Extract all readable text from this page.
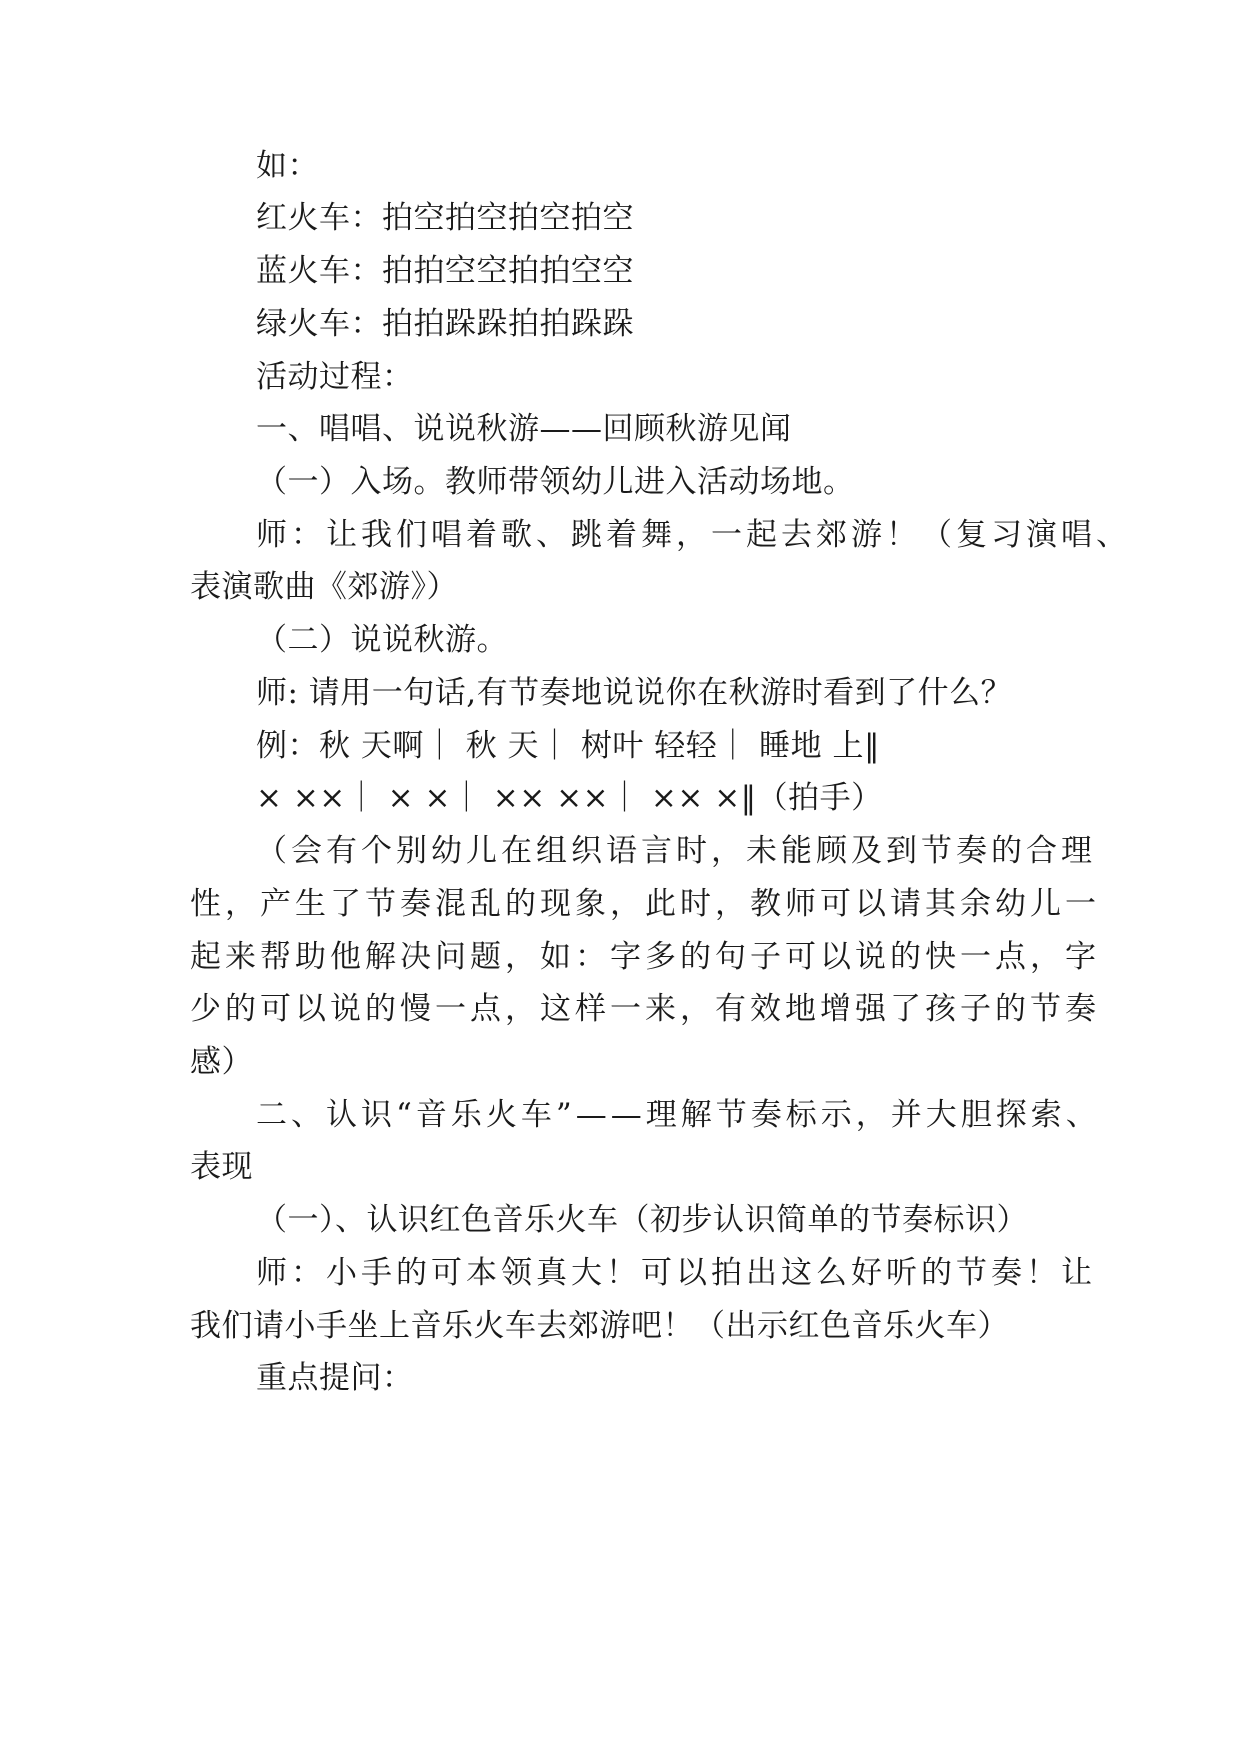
如：
红火车：拍空拍空拍空拍空
蓝火车：拍拍空空拍拍空空
绿火车：拍拍跺跺拍拍跺跺
活动过程：
一、唱唱、说说秋游——回顾秋游见闻
（一）入场。教师带领幼儿进入活动场地。
师：让我们唱着歌、跳着舞，一起去郊游！（复习演唱、
表演歌曲《郊游》）
（二）说说秋游。
师: 请用一句话,有节奏地说说你在秋游时看到了什么？
例：秋 天啊｜ 秋 天｜ 树叶 轻轻｜ 睡地 上‖
× ××｜ × ×｜ ×× ××｜ ×× ×‖（拍手）
（会有个别幼儿在组织语言时，未能顾及到节奏的合理
性，产生了节奏混乱的现象，此时，教师可以请其余幼儿一
起来帮助他解决问题，如：字多的句子可以说的快一点，字
少的可以说的慢一点，这样一来，有效地增强了孩子的节奏
感）
二、认识“音乐火车”——理解节奏标示，并大胆探索、
表现
（一）、认识红色音乐火车（初步认识简单的节奏标识）
师：小手的可本领真大！可以拍出这么好听的节奏！让
我们请小手坐上音乐火车去郊游吧！（出示红色音乐火车）
重点提问：
